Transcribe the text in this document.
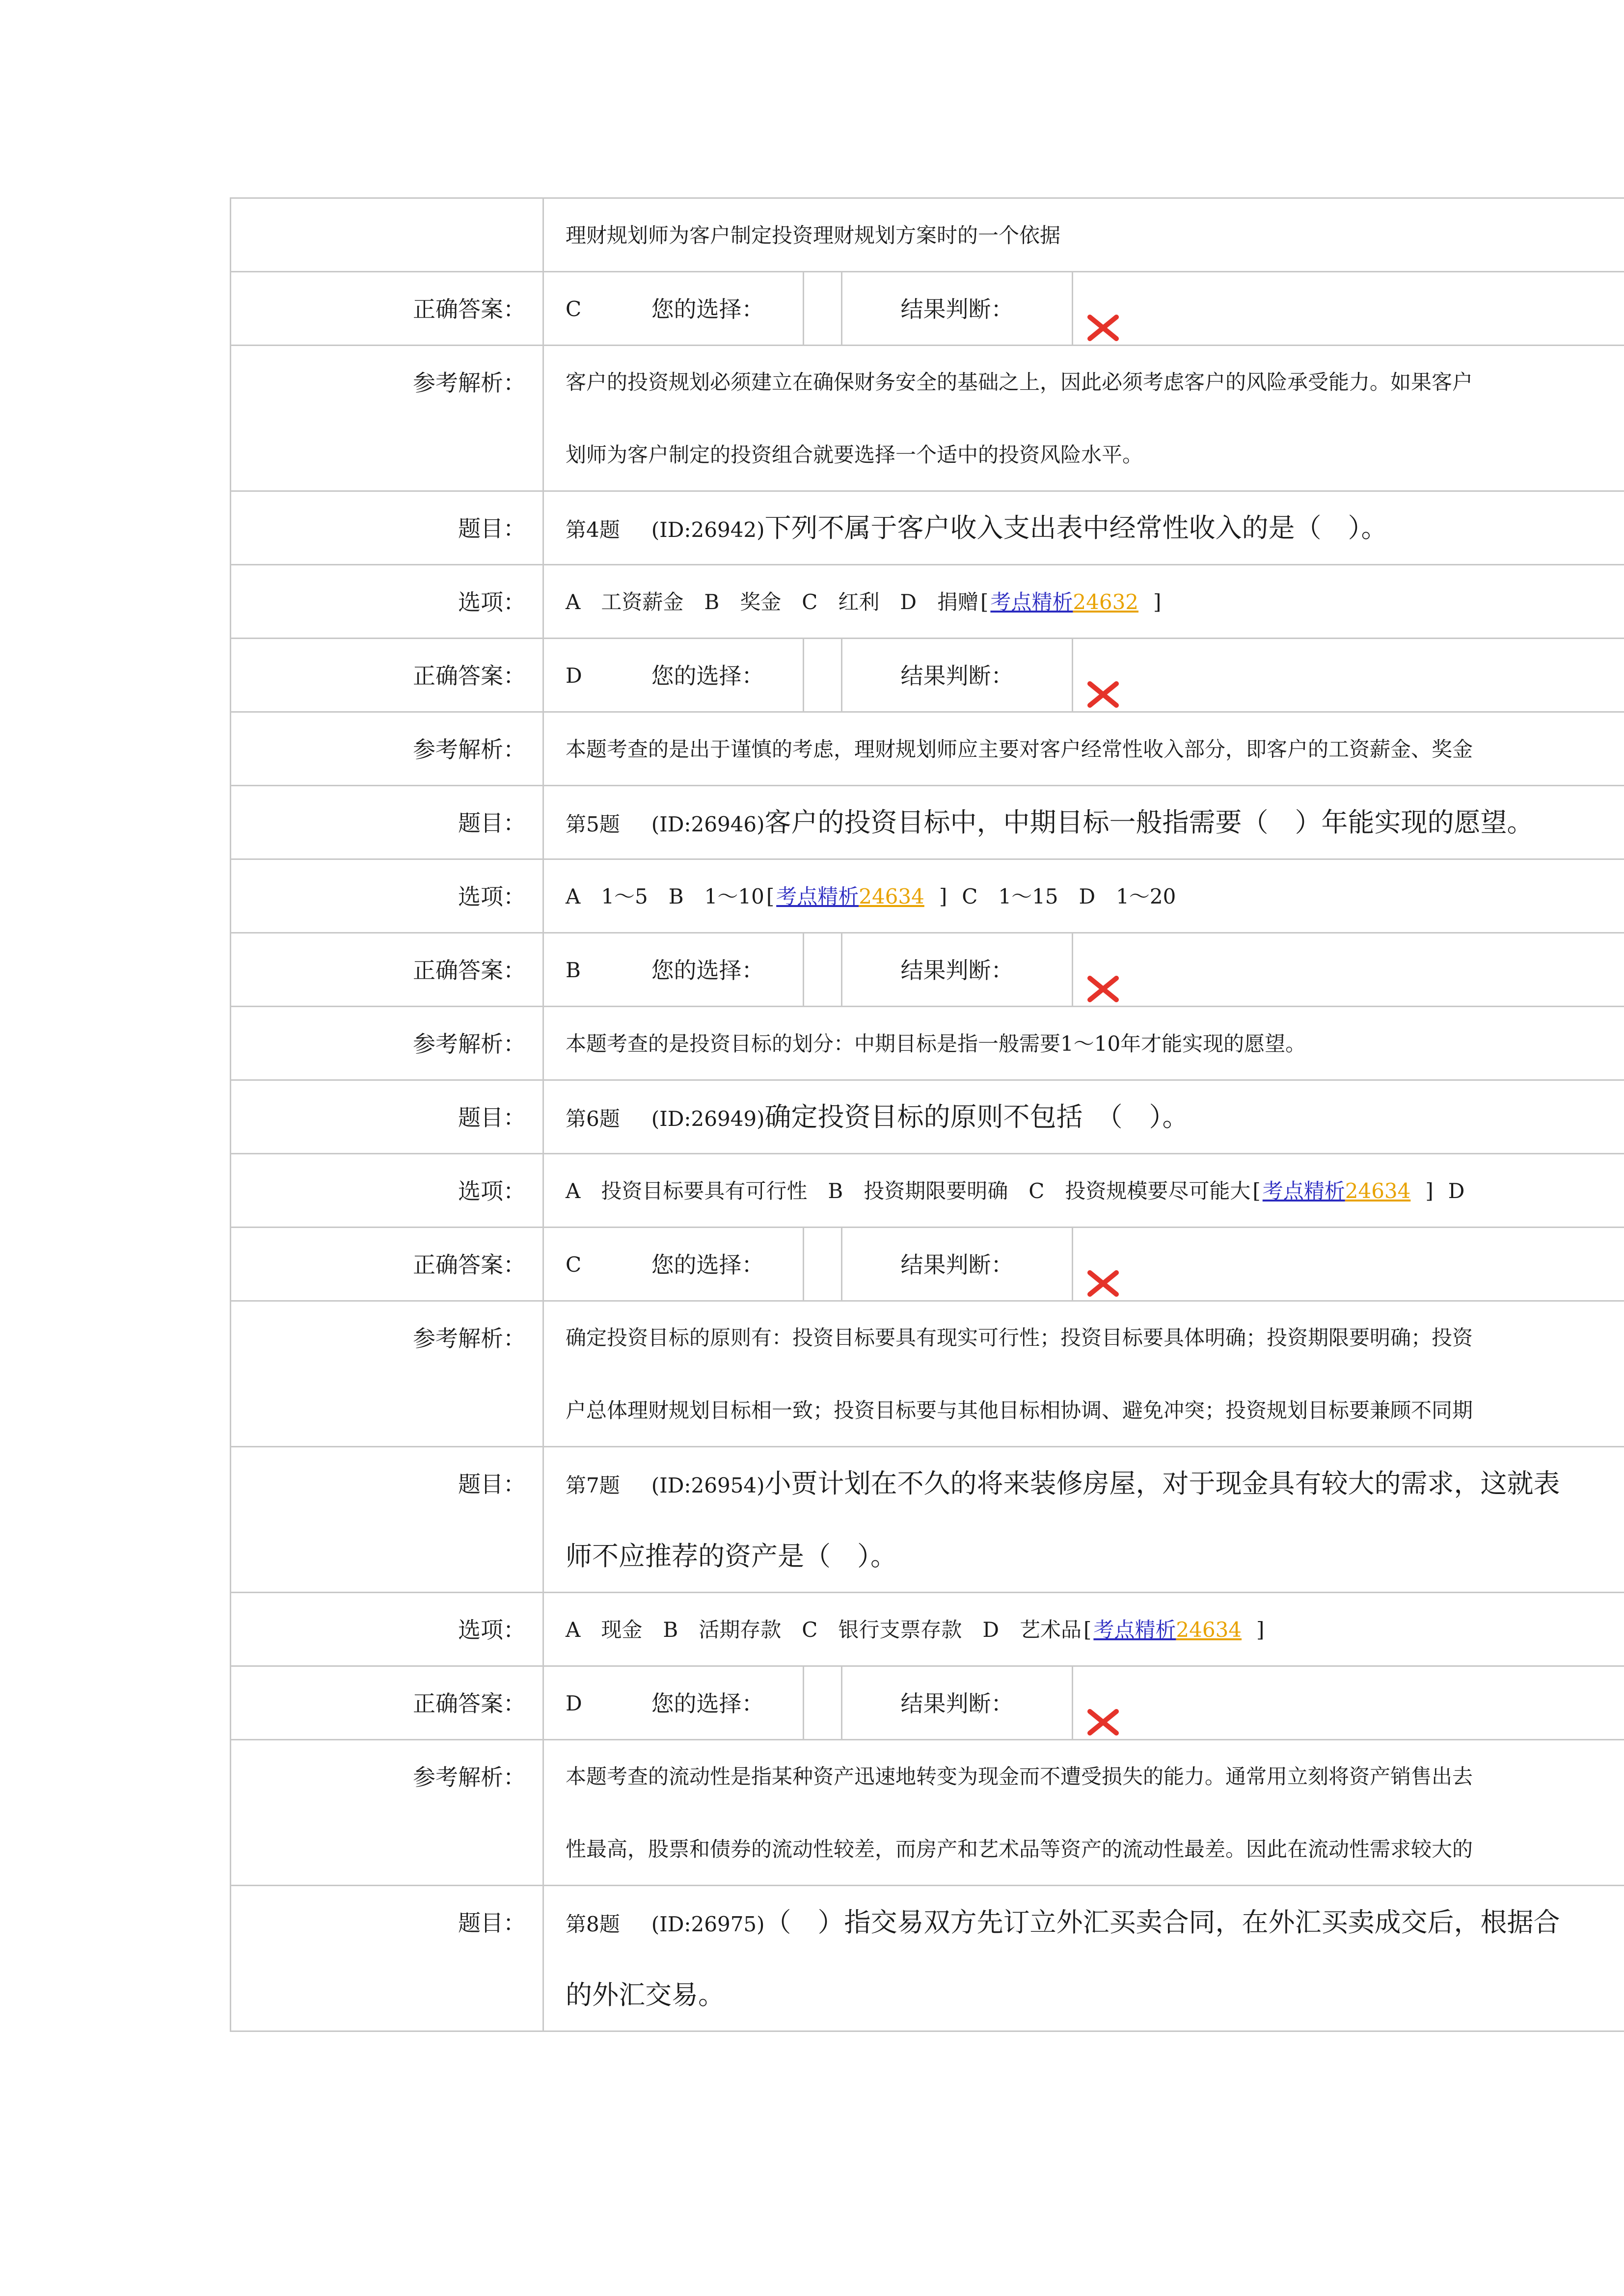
理财规划师为客户制定投资理财规划方案时的一个依据
正确答案：	C	您的选择：	结果判断：
参考解析：	客户的投资规划必须建立在确保财务安全的基础之上，因此必须考虑客户的风险承受能力。如果客户
划师为客户制定的投资组合就要选择一个适中的投资风险水平。
题目：	第4题 (ID:26942)下列不属于客户收入支出表中经常性收入的是（　）。
选项：	A　工资薪金　B　奖金　C　红利　D　捐赠[考点精析24632 ]
正确答案：	D	您的选择：	结果判断：
参考解析：	本题考查的是出于谨慎的考虑，理财规划师应主要对客户经常性收入部分，即客户的工资薪金、奖金
题目：	第5题 (ID:26946)客户的投资目标中，中期目标一般指需要（　）年能实现的愿望。
选项：	A　1～5　B　1～10[考点精析24634 ] C　1～15　D　1～20
正确答案：	B	您的选择：	结果判断：
参考解析：	本题考查的是投资目标的划分：中期目标是指一般需要1～10年才能实现的愿望。
题目：	第6题 (ID:26949)确定投资目标的原则不包括　（　）。
选项：	A　投资目标要具有可行性　B　投资期限要明确　C　投资规模要尽可能大[考点精析24634 ] D
正确答案：	C	您的选择：	结果判断：
参考解析：	确定投资目标的原则有：投资目标要具有现实可行性；投资目标要具体明确；投资期限要明确；投资
户总体理财规划目标相一致；投资目标要与其他目标相协调、避免冲突；投资规划目标要兼顾不同期
题目：	第7题 (ID:26954)小贾计划在不久的将来装修房屋，对于现金具有较大的需求，这就表
师不应推荐的资产是（　）。
选项：	A　现金　B　活期存款　C　银行支票存款　D　艺术品[考点精析24634 ]
正确答案：	D	您的选择：	结果判断：
参考解析：	本题考查的流动性是指某种资产迅速地转变为现金而不遭受损失的能力。通常用立刻将资产销售出去
性最高，股票和债券的流动性较差，而房产和艺术品等资产的流动性最差。因此在流动性需求较大的
题目：	第8题 (ID:26975)（　）指交易双方先订立外汇买卖合同，在外汇买卖成交后，根据合
的外汇交易。
